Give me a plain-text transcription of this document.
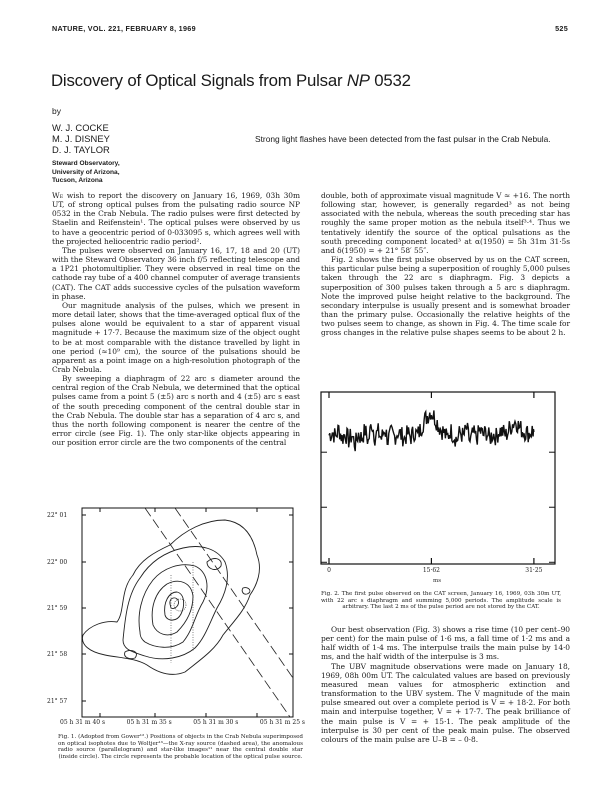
NATURE, VOL. 221, FEBRUARY 8, 1969	525
Discovery of Optical Signals from Pulsar NP 0532
by
W. J. COCKE
M. J. DISNEY
D. J. TAYLOR
Steward Observatory,
University of Arizona,
Tucson, Arizona
Strong light flashes have been detected from the fast pulsar in the Crab Nebula.

We wish to report the discovery on January 16, 1969, 03h 30m UT, of strong optical pulses from the pulsating radio source NP 0532 in the Crab Nebula. The radio pulses were first detected by Staelin and Reifenstein¹. The optical pulses were observed by us to have a geocentric period of 0·033095 s, which agrees well with the projected heliocentric radio period².

The pulses were observed on January 16, 17, 18 and 20 (UT) with the Steward Observatory 36 inch f/5 reflecting telescope and a 1P21 photomultiplier. They were observed in real time on the cathode ray tube of a 400 channel computer of average transients (CAT). The CAT adds successive cycles of the pulsation waveform in phase.

Our magnitude analysis of the pulses, which we present in more detail later, shows that the time-averaged optical flux of the pulses alone would be equivalent to a star of apparent visual magnitude + 17·7. Because the maximum size of the object ought to be at most comparable with the distance travelled by light in one period (≈10⁹ cm), the source of the pulsations should be apparent as a point image on a high-resolution photograph of the Crab Nebula.

By sweeping a diaphragm of 22 arc s diameter around the central region of the Crab Nebula, we determined that the optical pulses came from a point 5 (±5) arc s north and 4 (±5) arc s east of the south preceding component of the central double star in the Crab Nebula. The double star has a separation of 4 arc s, and thus the north following component is nearer the centre of the error circle (see Fig. 1). The only star-like objects appearing in our position error circle are the two components of the central

double, both of approximate visual magnitude V ≈ +16. The north following star, however, is generally regarded³ as not being associated with the nebula, whereas the south preceding star has roughly the same proper motion as the nebula itself³·⁴. Thus we tentatively identify the source of the optical pulsations as the south preceding component located³ at α(1950) = 5h 31m 31·5s and δ(1950) = + 21° 58′ 55″.

Fig. 2 shows the first pulse observed by us on the CAT screen, this particular pulse being a superposition of roughly 5,000 pulses taken through the 22 arc s diaphragm. Fig. 3 depicts a superposition of 300 pulses taken through a 5 arc s diaphragm. Note the improved pulse height relative to the background. The secondary interpulse is usually present and is somewhat broader than the primary pulse. Occasionally the relative heights of the two pulses seem to change, as shown in Fig. 4. The time scale for gross changes in the relative pulse shapes seems to be about 2 h.

Our best observation (Fig. 3) shows a rise time (10 per cent–90 per cent) for the main pulse of 1·6 ms, a fall time of 1·2 ms and a half width of 1·4 ms. The interpulse trails the main pulse by 14·0 ms, and the half width of the interpulse is 3 ms.

The UBV magnitude observations were made on January 18, 1969, 08h 00m UT. The calculated values are based on previously measured mean values for atmospheric extinction and transformation to the UBV system. The V magnitude of the main pulse smeared out over a complete period is V = + 18·2. For both main and interpulse together, V = + 17·7. The peak brilliance of the main pulse is V = + 15·1. The peak amplitude of the interpulse is 30 per cent of the peak main pulse. The observed colours of the main pulse are U–B = – 0·8.

22° 01
22° 00
21° 59
21° 58
21° 57
05 h 31 m 40 s	05 h 31 m 35 s	05 h 31 m 30 s	05 h 31 m 25 s
Fig. 1. (Adopted from Gower¹².) Positions of objects in the Crab Nebula superimposed on optical isophotes due to Woltjer¹³—the X-ray source (dashed area), the anomalous radio source (parallelogram) and star-like images¹¹ near the central double star (inside circle). The circle represents the probable location of the optical pulse source.
0	15·62	31·25
ms
Fig. 2. The first pulse observed on the CAT screen, January 16, 1969, 03h 30m UT, with 22 arc s diaphragm and summing 5,000 periods. The amplitude scale is arbitrary. The last 2 ms of the pulse period are not stored by the CAT.
